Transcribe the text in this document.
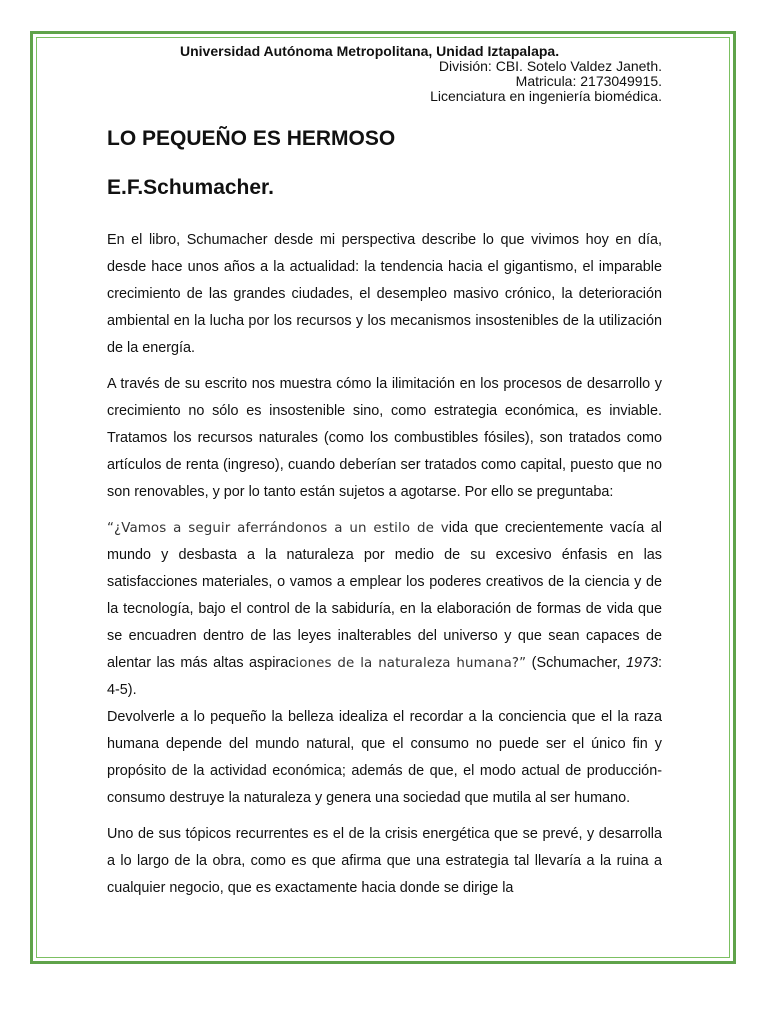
Universidad Autónoma Metropolitana, Unidad Iztapalapa.

División: CBI. Sotelo Valdez Janeth.

Matricula: 2173049915.

Licenciatura en ingeniería biomédica.

LO PEQUEÑO ES HERMOSO
E.F.Schumacher.

En el libro, Schumacher desde mi perspectiva describe lo que vivimos hoy en día, desde hace unos años a la actualidad: la tendencia hacia el gigantismo, el imparable crecimiento de las grandes ciudades, el desempleo masivo crónico, la deterioración ambiental en la lucha por los recursos y los mecanismos insostenibles de la utilización de la energía.

A través de su escrito nos muestra cómo la ilimitación en los procesos de desarrollo y crecimiento no sólo es insostenible sino, como estrategia económica, es inviable. Tratamos los recursos naturales (como los combustibles fósiles), son tratados como artículos de renta (ingreso), cuando deberían ser tratados como capital, puesto que no son renovables, y por lo tanto están sujetos a agotarse. Por ello se preguntaba:

“¿Vamos a seguir aferrándonos a un estilo de vida que crecientemente vacía al mundo y desbasta a la naturaleza por medio de su excesivo énfasis en las satisfacciones materiales, o vamos a emplear los poderes creativos de la ciencia y de la tecnología, bajo el control de la sabiduría, en la elaboración de formas de vida que se encuadren dentro de las leyes inalterables del universo y que sean capaces de alentar las más altas aspiraciones de la naturaleza humana?” (Schumacher, 1973: 4-5).

Devolverle a lo pequeño la belleza idealiza el recordar a la conciencia que el la raza humana depende del mundo natural, que el consumo no puede ser el único fin y propósito de la actividad económica; además de que, el modo actual de producción-consumo destruye la naturaleza y genera una sociedad que mutila al ser humano.

Uno de sus tópicos recurrentes es el de la crisis energética que se prevé, y desarrolla a lo largo de la obra, como es que afirma que una estrategia tal llevaría a la ruina a cualquier negocio, que es exactamente hacia donde se dirige la
